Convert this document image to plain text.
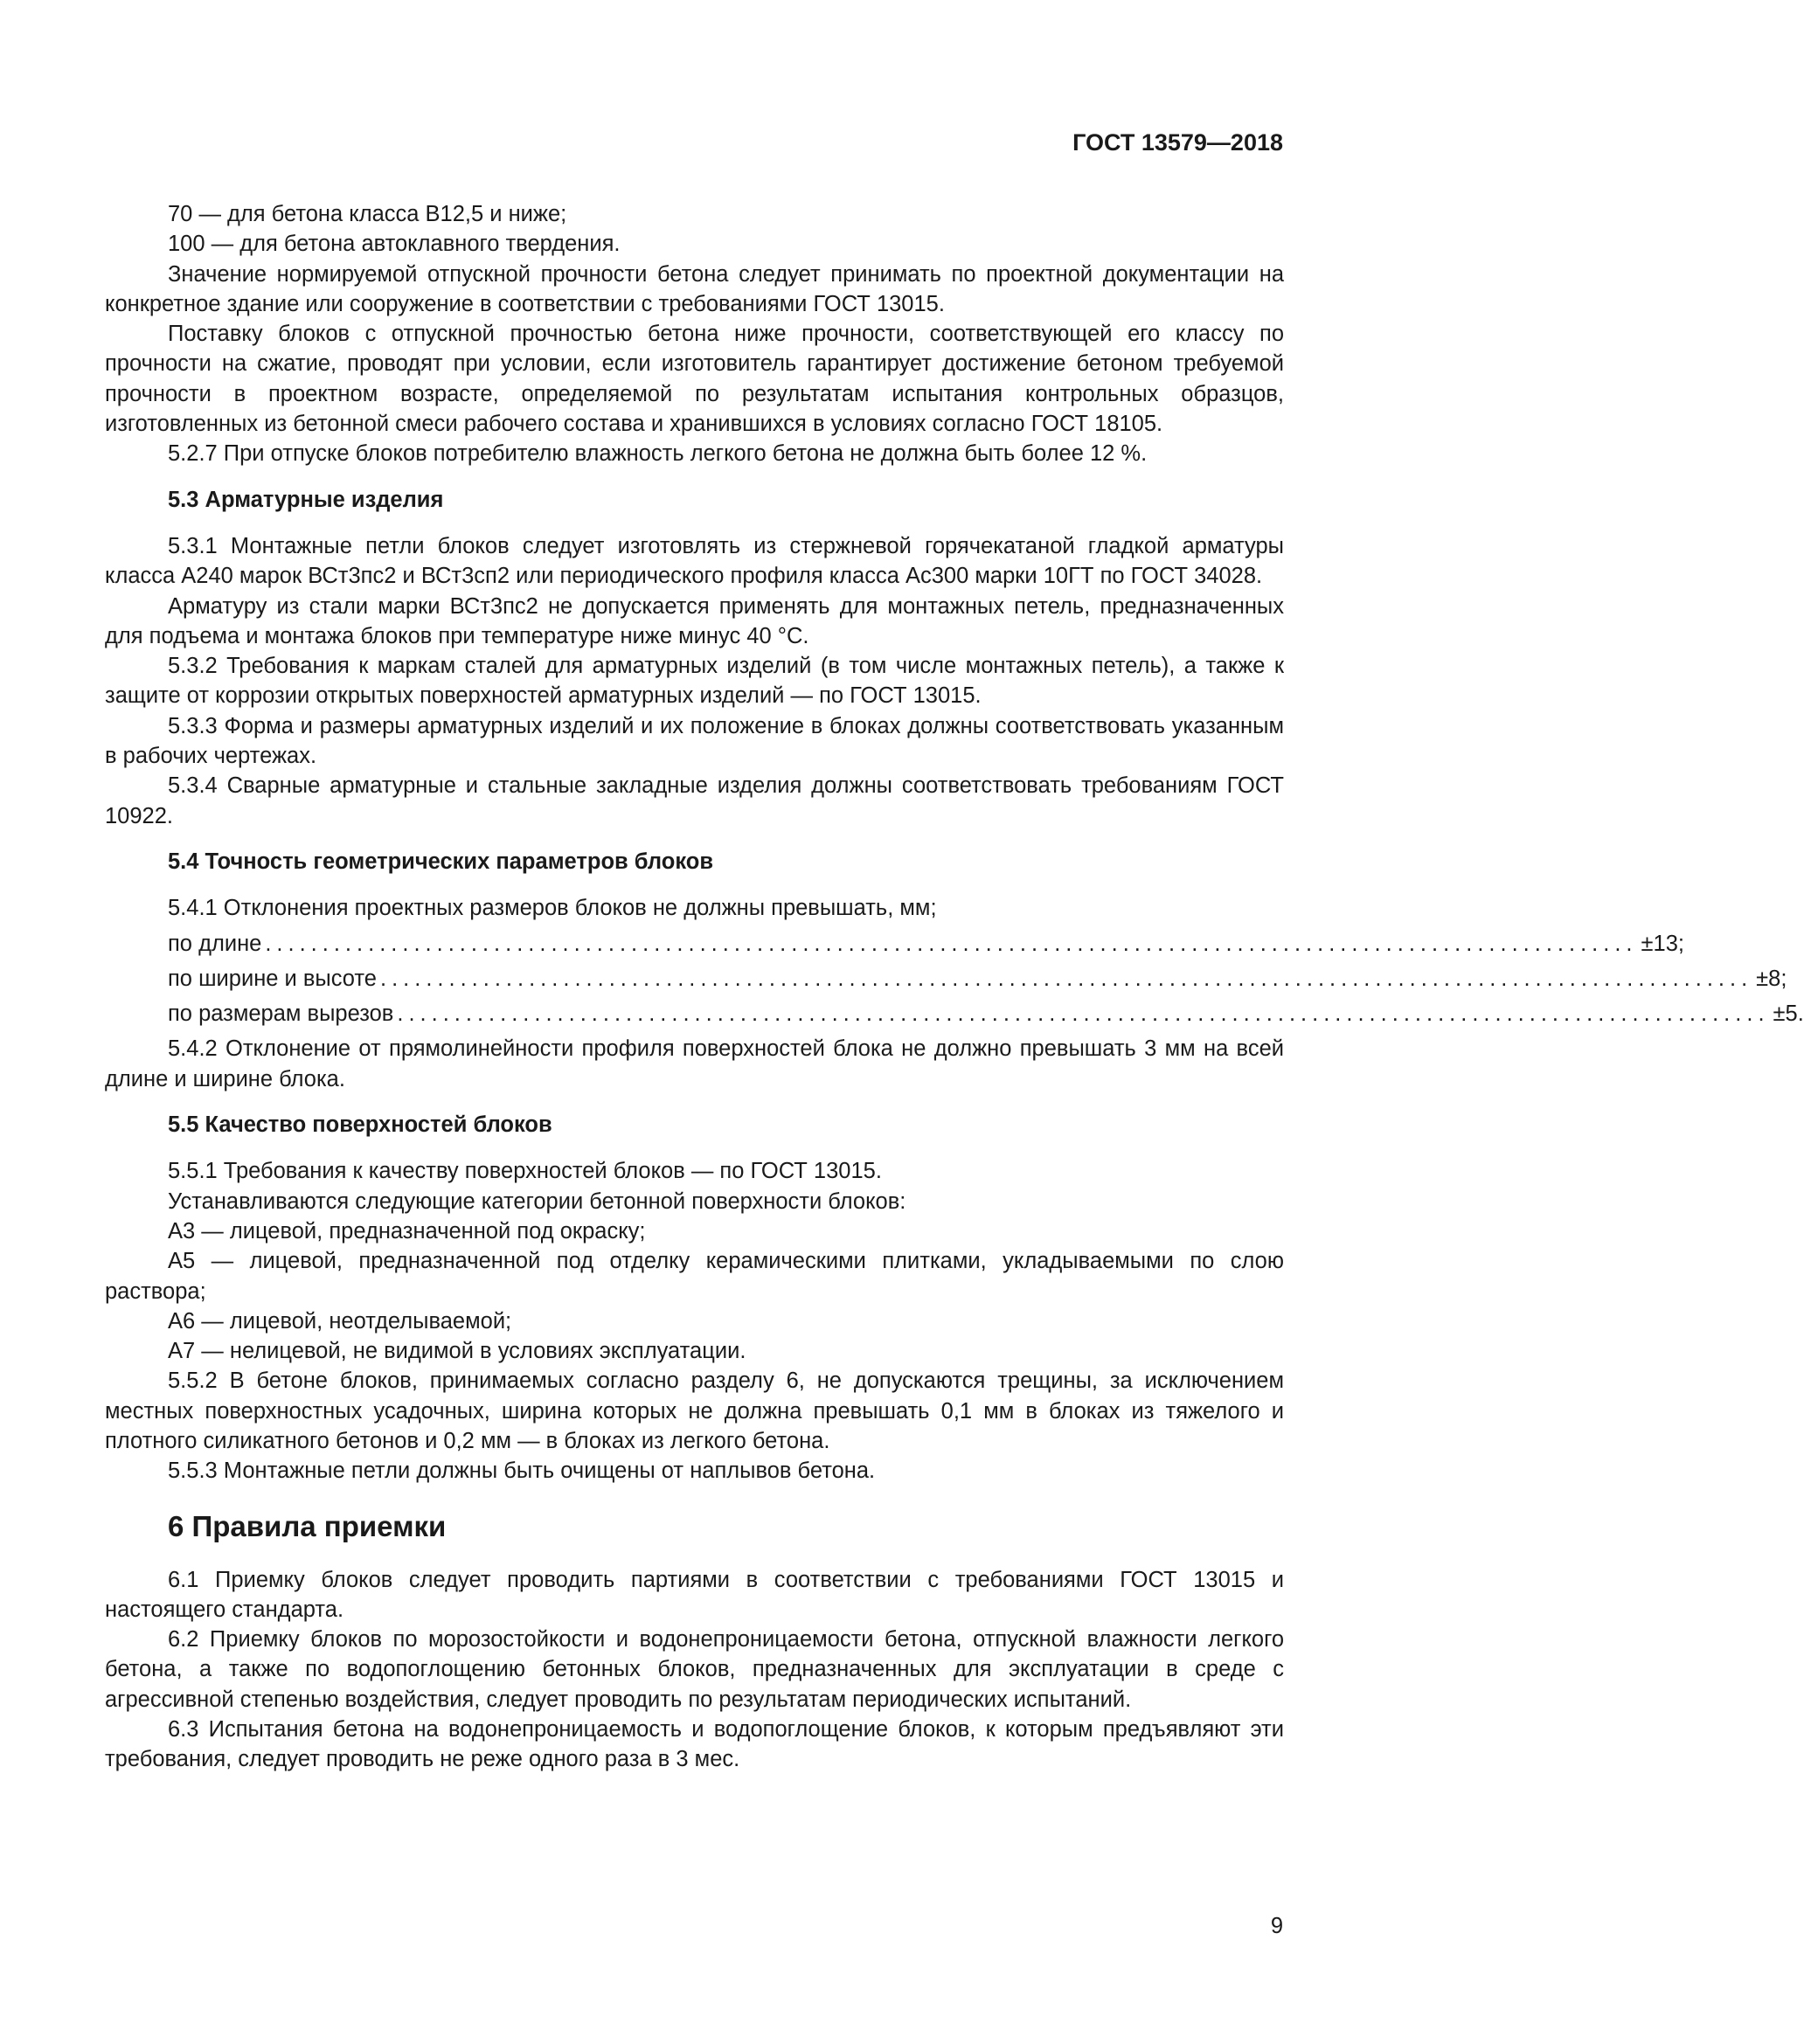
ГОСТ 13579—2018

70 — для бетона класса В12,5 и ниже;

100 — для бетона автоклавного твердения.

Значение нормируемой отпускной прочности бетона следует принимать по проектной документации на конкретное здание или сооружение в соответствии с требованиями ГОСТ 13015.

Поставку блоков с отпускной прочностью бетона ниже прочности, соответствующей его классу по прочности на сжатие, проводят при условии, если изготовитель гарантирует достижение бетоном требуемой прочности в проектном возрасте, определяемой по результатам испытания контрольных образцов, изготовленных из бетонной смеси рабочего состава и хранившихся в условиях согласно ГОСТ 18105.

5.2.7 При отпуске блоков потребителю влажность легкого бетона не должна быть более 12 %.

5.3 Арматурные изделия

5.3.1 Монтажные петли блоков следует изготовлять из стержневой горячекатаной гладкой арматуры класса А240 марок ВСт3пс2 и ВСт3сп2 или периодического профиля класса Ас300 марки 10ГТ по ГОСТ 34028.

Арматуру из стали марки ВСт3пс2 не допускается применять для монтажных петель, предназначенных для подъема и монтажа блоков при температуре ниже минус 40 °С.

5.3.2 Требования к маркам сталей для арматурных изделий (в том числе монтажных петель), а также к защите от коррозии открытых поверхностей арматурных изделий — по ГОСТ 13015.

5.3.3 Форма и размеры арматурных изделий и их положение в блоках должны соответствовать указанным в рабочих чертежах.

5.3.4 Сварные арматурные и стальные закладные изделия должны соответствовать требованиям ГОСТ 10922.

5.4 Точность геометрических параметров блоков

5.4.1 Отклонения проектных размеров блоков не должны превышать, мм;

по длине ........................................................................................................................ ±13;
по ширине и высоте ........................................................................................................................ ±8;
по размерам вырезов ........................................................................................................................ ±5.

5.4.2 Отклонение от прямолинейности профиля поверхностей блока не должно превышать 3 мм на всей длине и ширине блока.

5.5 Качество поверхностей блоков

5.5.1 Требования к качеству поверхностей блоков — по ГОСТ 13015.

Устанавливаются следующие категории бетонной поверхности блоков:

А3 — лицевой, предназначенной под окраску;

А5 — лицевой, предназначенной под отделку керамическими плитками, укладываемыми по слою раствора;

А6 — лицевой, неотделываемой;

А7 — нелицевой, не видимой в условиях эксплуатации.

5.5.2 В бетоне блоков, принимаемых согласно разделу 6, не допускаются трещины, за исключением местных поверхностных усадочных, ширина которых не должна превышать 0,1 мм в блоках из тяжелого и плотного силикатного бетонов и 0,2 мм — в блоках из легкого бетона.

5.5.3 Монтажные петли должны быть очищены от наплывов бетона.

6 Правила приемки

6.1 Приемку блоков следует проводить партиями в соответствии с требованиями ГОСТ 13015 и настоящего стандарта.

6.2 Приемку блоков по морозостойкости и водонепроницаемости бетона, отпускной влажности легкого бетона, а также по водопоглощению бетонных блоков, предназначенных для эксплуатации в среде с агрессивной степенью воздействия, следует проводить по результатам периодических испытаний.

6.3 Испытания бетона на водонепроницаемость и водопоглощение блоков, к которым предъявляют эти требования, следует проводить не реже одного раза в 3 мес.

9
